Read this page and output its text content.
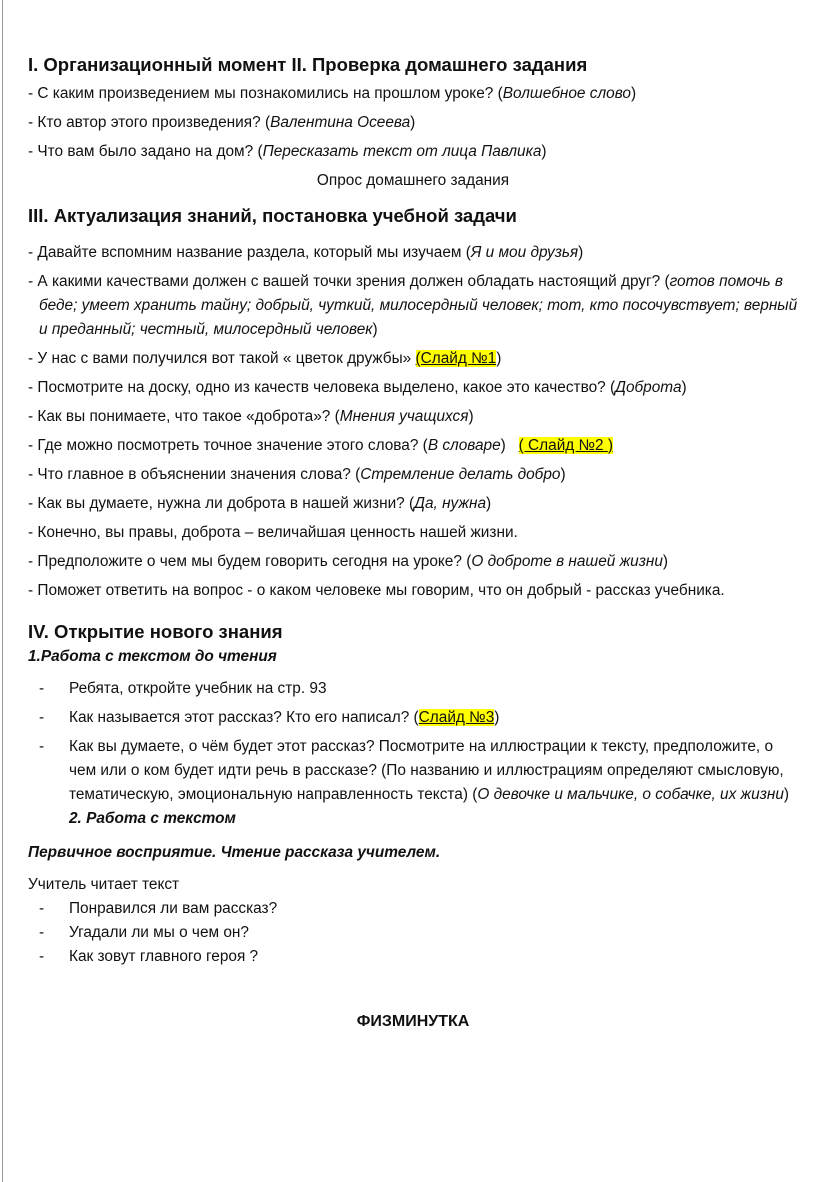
I. Организационный момент II. Проверка домашнего задания

- С каким произведением мы познакомились на прошлом уроке? (Волшебное слово)

- Кто автор этого произведения? (Валентина Осеева)

- Что вам было задано на дом? (Пересказать текст от лица Павлика)

Опрос домашнего задания

III. Актуализация знаний, постановка учебной задачи

- Давайте вспомним название раздела, который мы изучаем (Я и мои друзья)

- А какими качествами должен с вашей точки зрения должен обладать настоящий друг? (готов помочь в беде; умеет хранить тайну; добрый, чуткий, милосердный человек; тот, кто посочувствует; верный и преданный; честный, милосердный человек)

- У нас с вами получился вот такой « цветок дружбы» (Слайд №1)

- Посмотрите на доску, одно из качеств человека выделено, какое это качество? (Доброта)

- Как вы понимаете, что такое «доброта»? (Мнения учащихся)

- Где можно посмотреть точное значение этого слова? (В словаре) ( Слайд №2 )

- Что главное в объяснении значения слова? (Стремление делать добро)

- Как вы думаете, нужна ли доброта в нашей жизни? (Да, нужна)

- Конечно, вы правы, доброта – величайшая ценность нашей жизни.

- Предположите о чем мы будем говорить сегодня на уроке? (О доброте в нашей жизни)

- Поможет ответить на вопрос - о каком человеке мы говорим, что он добрый - рассказ учебника.

IV. Открытие нового знания

1.Работа с текстом до чтения

- Ребята, откройте учебник на стр. 93
- Как называется этот рассказ? Кто его написал? (Слайд №3)
- Как вы думаете, о чём будет этот рассказ? Посмотрите на иллюстрации к тексту, предположите, о чем или о ком будет идти речь в рассказе? (По названию и иллюстрациям определяют смысловую, тематическую, эмоциональную направленность текста) (О девочке и мальчике, о собачке, их жизни) 2. Работа с текстом

Первичное восприятие. Чтение рассказа учителем.

Учитель читает текст

- Понравился ли вам рассказ?
- Угадали ли мы о чем он?
- Как зовут главного героя ?

ФИЗМИНУТКА
